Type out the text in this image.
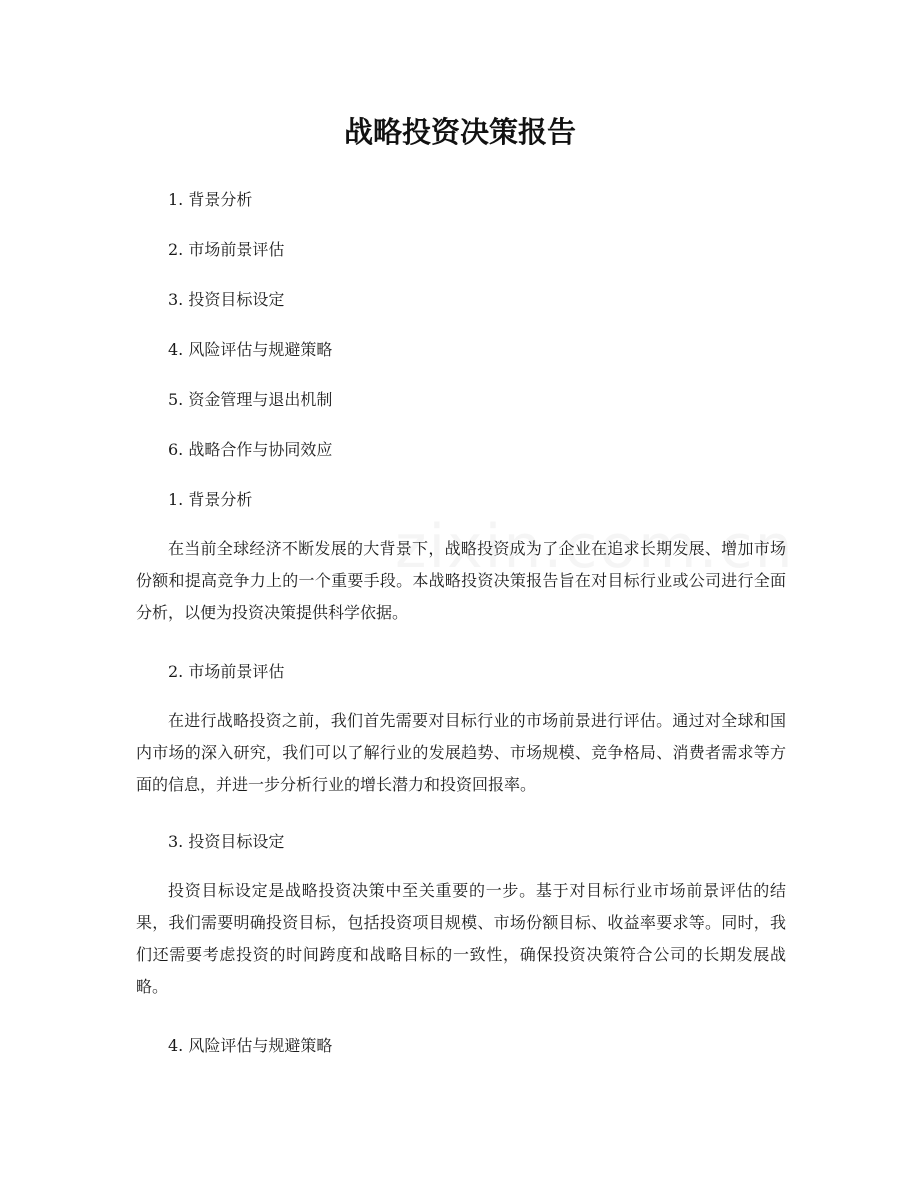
战略投资决策报告
1. 背景分析
2. 市场前景评估
3. 投资目标设定
4. 风险评估与规避策略
5. 资金管理与退出机制
6. 战略合作与协同效应
1. 背景分析

在当前全球经济不断发展的大背景下，战略投资成为了企业在追求长期发展、增加市场份额和提高竞争力上的一个重要手段。本战略投资决策报告旨在对目标行业或公司进行全面分析，以便为投资决策提供科学依据。

2. 市场前景评估

在进行战略投资之前，我们首先需要对目标行业的市场前景进行评估。通过对全球和国内市场的深入研究，我们可以了解行业的发展趋势、市场规模、竞争格局、消费者需求等方面的信息，并进一步分析行业的增长潜力和投资回报率。

3. 投资目标设定

投资目标设定是战略投资决策中至关重要的一步。基于对目标行业市场前景评估的结果，我们需要明确投资目标，包括投资项目规模、市场份额目标、收益率要求等。同时，我们还需要考虑投资的时间跨度和战略目标的一致性，确保投资决策符合公司的长期发展战略。

4. 风险评估与规避策略
